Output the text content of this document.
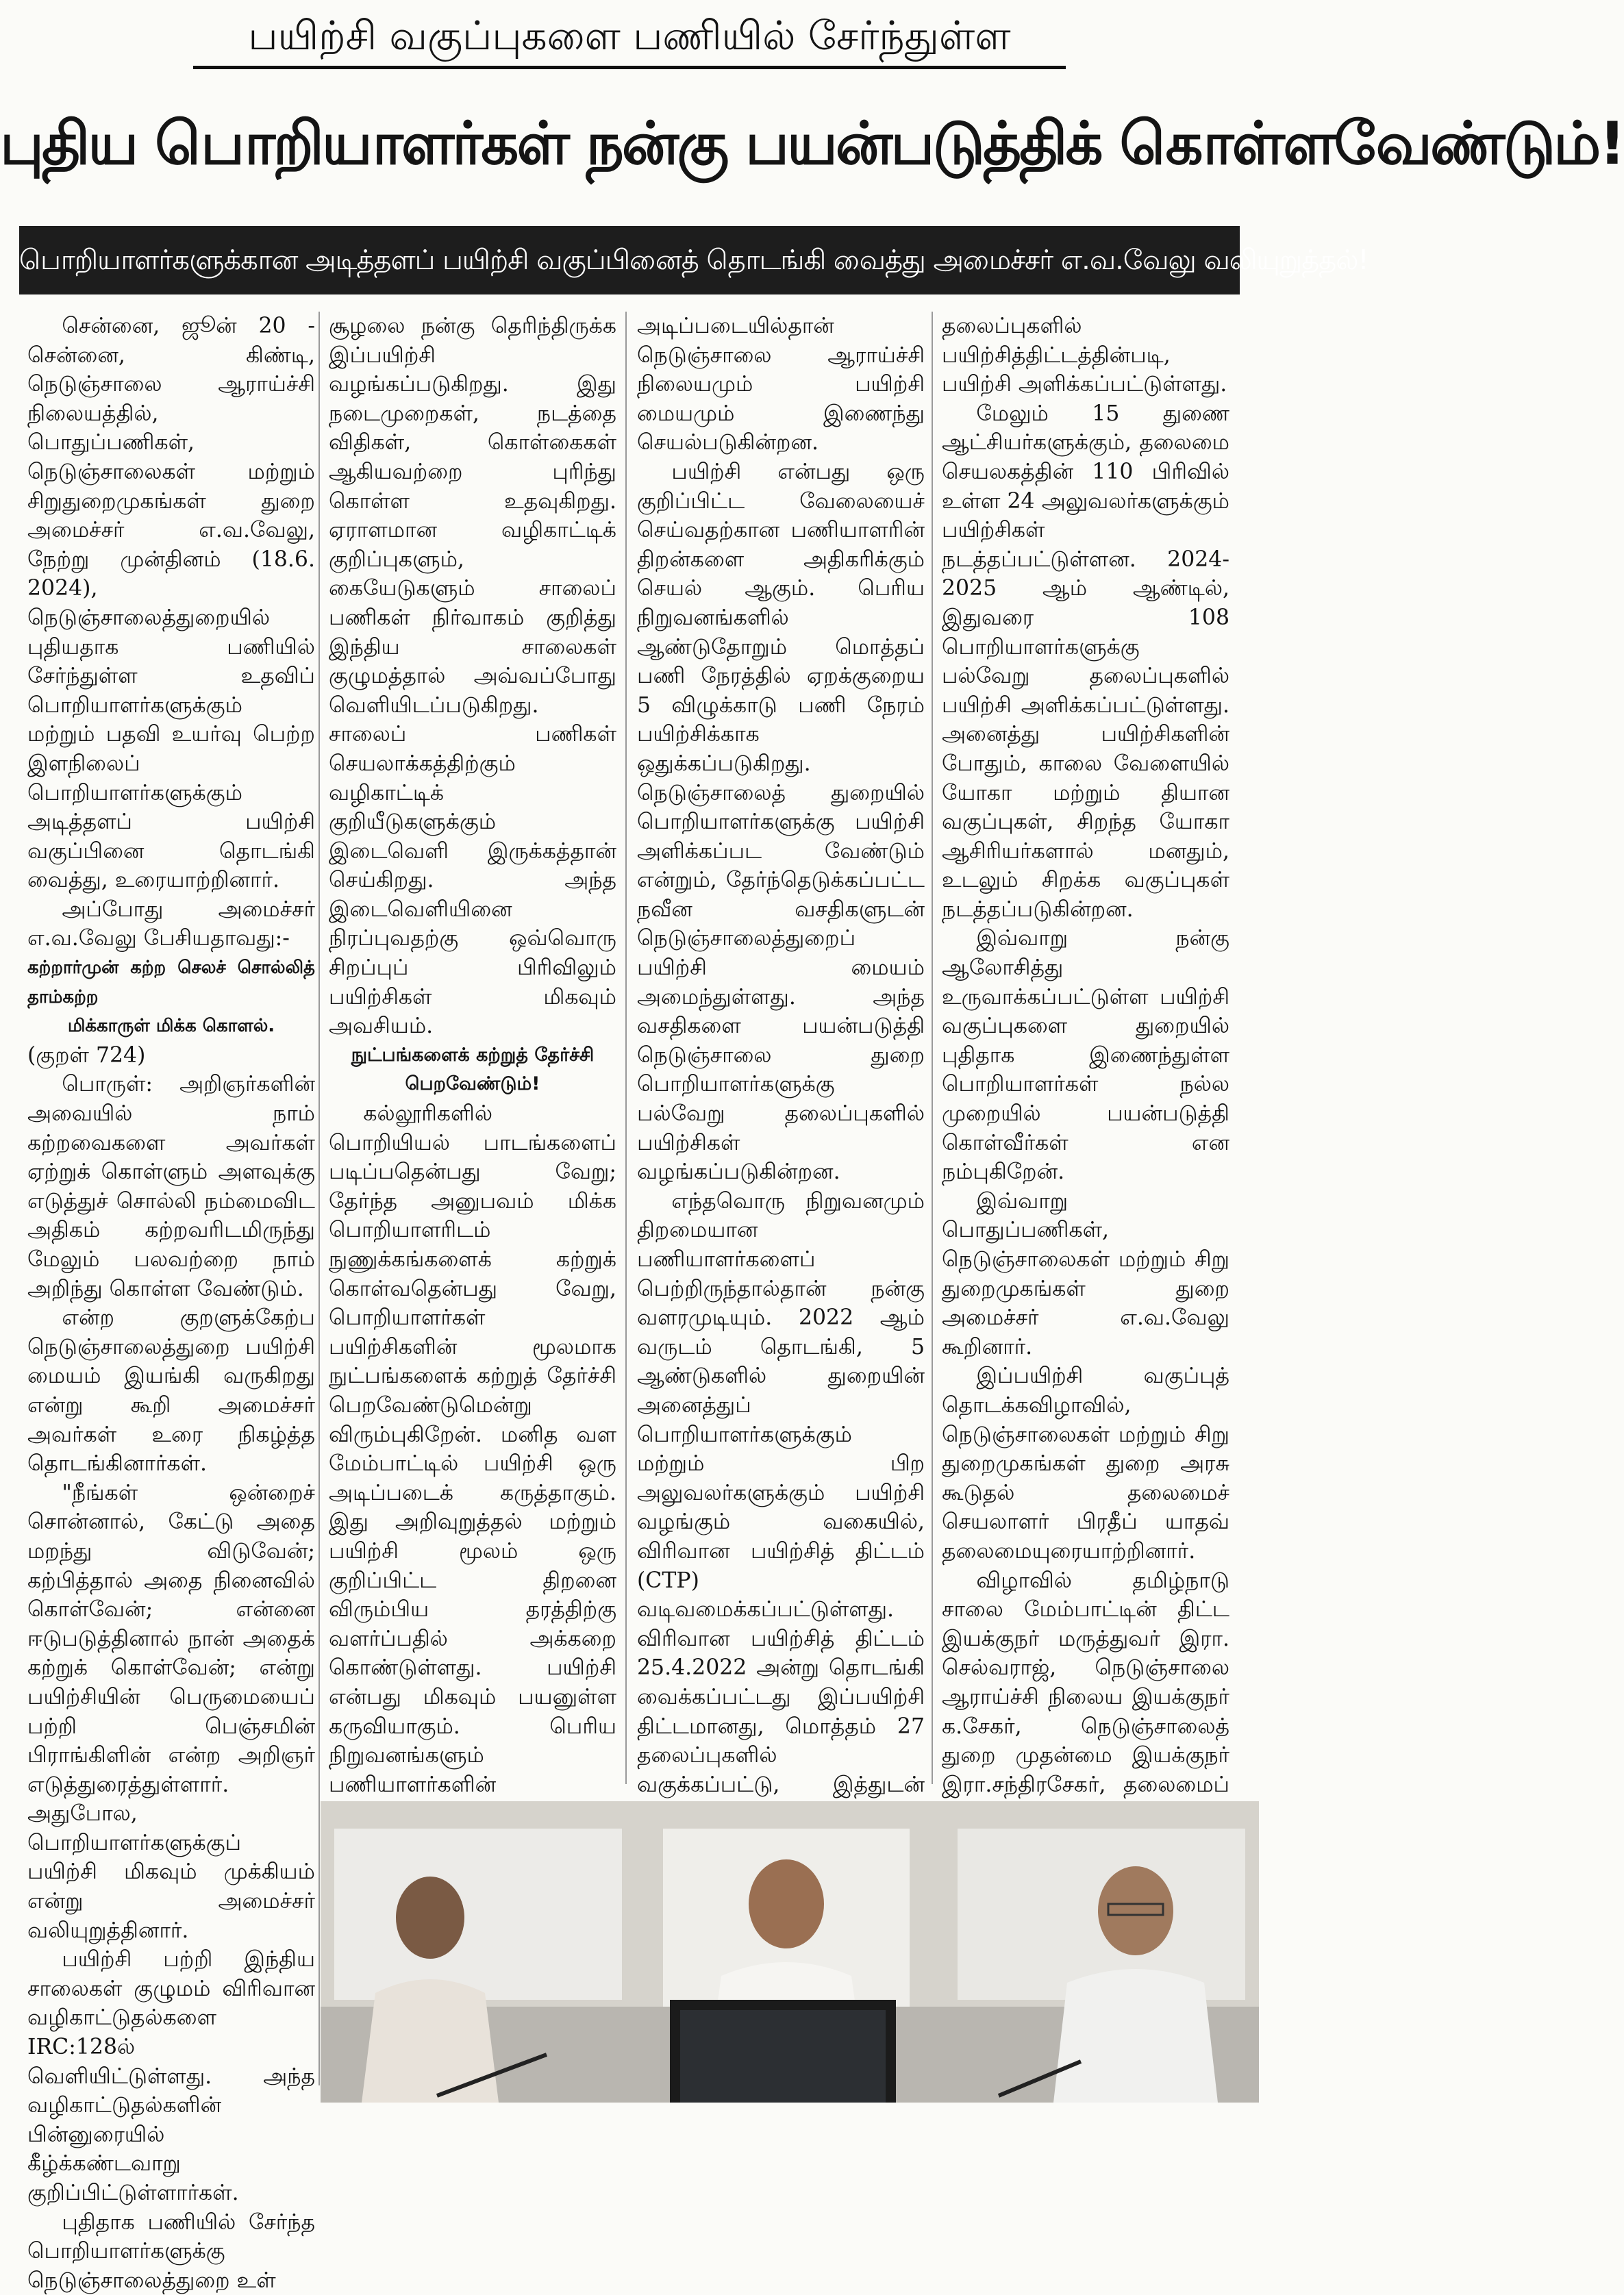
பயிற்சி வகுப்புகளை பணியில் சேர்ந்துள்ள
புதிய பொறியாளர்கள் நன்கு பயன்படுத்திக் கொள்ளவேண்டும்!
பொறியாளர்களுக்கான அடித்தளப் பயிற்சி வகுப்பினைத் தொடங்கி வைத்து அமைச்சர் எ.வ.வேலு வலியுறுத்தல்!

சென்னை, ஜூன் 20 - சென்னை, கிண்டி, நெடுஞ்சாலை ஆராய்ச்சி நிலையத்தில், பொதுப்பணிகள், நெடுஞ்சாலைகள் மற்றும் சிறுதுறைமுகங்கள் துறை அமைச்சர் எ.வ.வேலு, நேற்று முன்தினம் (18.6. 2024), நெடுஞ்சாலைத்துறையில் புதியதாக பணியில் சேர்ந்துள்ள உதவிப் பொறியாளர்களுக்கும் மற்றும் பதவி உயர்வு பெற்ற இளநிலைப் பொறியாளர்களுக்கும் அடித்தளப் பயிற்சி வகுப்பினை தொடங்கி வைத்து, உரையாற்றினார்.

அப்போது அமைச்சர் எ.வ.வேலு பேசியதாவது:-

கற்றார்முன் கற்ற செலச் சொல்லித் தாம்கற்ற

மிக்காருள் மிக்க கொளல்.

(குறள் 724)

பொருள்: அறிஞர்களின் அவையில் நாம் கற்றவைகளை அவர்கள் ஏற்றுக் கொள்ளும் அளவுக்கு எடுத்துச் சொல்லி நம்மைவிட அதிகம் கற்றவரிடமிருந்து மேலும் பலவற்றை நாம் அறிந்து கொள்ள வேண்டும்.

என்ற குறளுக்கேற்ப நெடுஞ்சாலைத்துறை பயிற்சி மையம் இயங்கி வருகிறது என்று கூறி அமைச்சர் அவர்கள் உரை நிகழ்த்த தொடங்கினார்கள்.

"நீங்கள் ஒன்றைச் சொன்னால், கேட்டு அதை மறந்து விடுவேன்; கற்பித்தால் அதை நினைவில் கொள்வேன்; என்னை ஈடுபடுத்தினால் நான் அதைக் கற்றுக் கொள்வேன்; என்று பயிற்சியின் பெருமையைப் பற்றி பெஞ்சமின் பிராங்கிளின் என்ற அறிஞர் எடுத்துரைத்துள்ளார். அதுபோல, பொறியாளர்களுக்குப் பயிற்சி மிகவும் முக்கியம் என்று அமைச்சர் வலியுறுத்தினார்.

பயிற்சி பற்றி இந்திய சாலைகள் குழுமம் விரிவான வழிகாட்டுதல்களை IRC:128ல் வெளியிட்டுள்ளது. அந்த வழிகாட்டுதல்களின் பின்னுரையில் கீழ்க்கண்டவாறு குறிப்பிட்டுள்ளார்கள்.

புதிதாக பணியில் சேர்ந்த பொறியாளர்களுக்கு நெடுஞ்சாலைத்துறை உள்

சூழலை நன்கு தெரிந்திருக்க இப்பயிற்சி வழங்கப்படுகிறது. இது நடைமுறைகள், நடத்தை விதிகள், கொள்கைகள் ஆகியவற்றை புரிந்து கொள்ள உதவுகிறது. ஏராளமான வழிகாட்டிக் குறிப்புகளும், கையேடுகளும் சாலைப் பணிகள் நிர்வாகம் குறித்து இந்திய சாலைகள் குழுமத்தால் அவ்வப்போது வெளியிடப்படுகிறது. சாலைப் பணிகள் செயலாக்கத்திற்கும் வழிகாட்டிக் குறியீடுகளுக்கும் இடைவெளி இருக்கத்தான் செய்கிறது. அந்த இடைவெளியினை நிரப்புவதற்கு ஒவ்வொரு சிறப்புப் பிரிவிலும் பயிற்சிகள் மிகவும் அவசியம்.

நுட்பங்களைக் கற்றுத் தேர்ச்சி பெறவேண்டும்!

கல்லூரிகளில் பொறியியல் பாடங்களைப் படிப்பதென்பது வேறு; தேர்ந்த அனுபவம் மிக்க பொறியாளரிடம் நுணுக்கங்களைக் கற்றுக் கொள்வதென்பது வேறு, பொறியாளர்கள் பயிற்சிகளின் மூலமாக நுட்பங்களைக் கற்றுத் தேர்ச்சி பெறவேண்டுமென்று விரும்புகிறேன். மனித வள மேம்பாட்டில் பயிற்சி ஒரு அடிப்படைக் கருத்தாகும். இது அறிவுறுத்தல் மற்றும் பயிற்சி மூலம் ஒரு குறிப்பிட்ட திறனை விரும்பிய தரத்திற்கு வளர்ப்பதில் அக்கறை கொண்டுள்ளது. பயிற்சி என்பது மிகவும் பயனுள்ள கருவியாகும். பெரிய நிறுவனங்களும் பணியாளர்களின்

அடிப்படையில்தான் நெடுஞ்சாலை ஆராய்ச்சி நிலையமும் பயிற்சி மையமும் இணைந்து செயல்படுகின்றன.

பயிற்சி என்பது ஒரு குறிப்பிட்ட வேலையைச் செய்வதற்கான பணியாளரின் திறன்களை அதிகரிக்கும் செயல் ஆகும். பெரிய நிறுவனங்களில் ஆண்டுதோறும் மொத்தப் பணி நேரத்தில் ஏறக்குறைய 5 விழுக்காடு பணி நேரம் பயிற்சிக்காக ஒதுக்கப்படுகிறது. நெடுஞ்சாலைத் துறையில் பொறியாளர்களுக்கு பயிற்சி அளிக்கப்பட வேண்டும் என்றும், தேர்ந்தெடுக்கப்பட்ட நவீன வசதிகளுடன் நெடுஞ்சாலைத்துறைப் பயிற்சி மையம் அமைந்துள்ளது. அந்த வசதிகளை பயன்படுத்தி நெடுஞ்சாலை துறை பொறியாளர்களுக்கு பல்வேறு தலைப்புகளில் பயிற்சிகள் வழங்கப்படுகின்றன.

எந்தவொரு நிறுவனமும் திறமையான பணியாளர்களைப் பெற்றிருந்தால்தான் நன்கு வளரமுடியும். 2022 ஆம் வருடம் தொடங்கி, 5 ஆண்டுகளில் துறையின் அனைத்துப் பொறியாளர்களுக்கும் மற்றும் பிற அலுவலர்களுக்கும் பயிற்சி வழங்கும் வகையில், விரிவான பயிற்சித் திட்டம் (CTP) வடிவமைக்கப்பட்டுள்ளது. விரிவான பயிற்சித் திட்டம் 25.4.2022 அன்று தொடங்கி வைக்கப்பட்டது இப்பயிற்சி திட்டமானது, மொத்தம் 27 தலைப்புகளில் வகுக்கப்பட்டு, இத்துடன்

தலைப்புகளில் பயிற்சித்திட்டத்தின்படி, பயிற்சி அளிக்கப்பட்டுள்ளது.

மேலும் 15 துணை ஆட்சியர்களுக்கும், தலைமை செயலகத்தின் 110 பிரிவில் உள்ள 24 அலுவலர்களுக்கும் பயிற்சிகள் நடத்தப்பட்டுள்ளன. 2024-2025 ஆம் ஆண்டில், இதுவரை 108 பொறியாளர்களுக்கு பல்வேறு தலைப்புகளில் பயிற்சி அளிக்கப்பட்டுள்ளது. அனைத்து பயிற்சிகளின் போதும், காலை வேளையில் யோகா மற்றும் தியான வகுப்புகள், சிறந்த யோகா ஆசிரியர்களால் மனதும், உடலும் சிறக்க வகுப்புகள் நடத்தப்படுகின்றன.

இவ்வாறு நன்கு ஆலோசித்து உருவாக்கப்பட்டுள்ள பயிற்சி வகுப்புகளை துறையில் புதிதாக இணைந்துள்ள பொறியாளர்கள் நல்ல முறையில் பயன்படுத்தி கொள்வீர்கள் என நம்புகிறேன்.

இவ்வாறு பொதுப்பணிகள், நெடுஞ்சாலைகள் மற்றும் சிறு துறைமுகங்கள் துறை அமைச்சர் எ.வ.வேலு கூறினார்.

இப்பயிற்சி வகுப்புத் தொடக்கவிழாவில், நெடுஞ்சாலைகள் மற்றும் சிறு துறைமுகங்கள் துறை அரசு கூடுதல் தலைமைச் செயலாளர் பிரதீப் யாதவ் தலைமையுரையாற்றினார்.

விழாவில் தமிழ்நாடு சாலை மேம்பாட்டின் திட்ட இயக்குநர் மருத்துவர் இரா. செல்வராஜ், நெடுஞ்சாலை ஆராய்ச்சி நிலைய இயக்குநர் க.சேகர், நெடுஞ்சாலைத் துறை முதன்மை இயக்குநர் இரா.சந்திரசேகர், தலைமைப்
